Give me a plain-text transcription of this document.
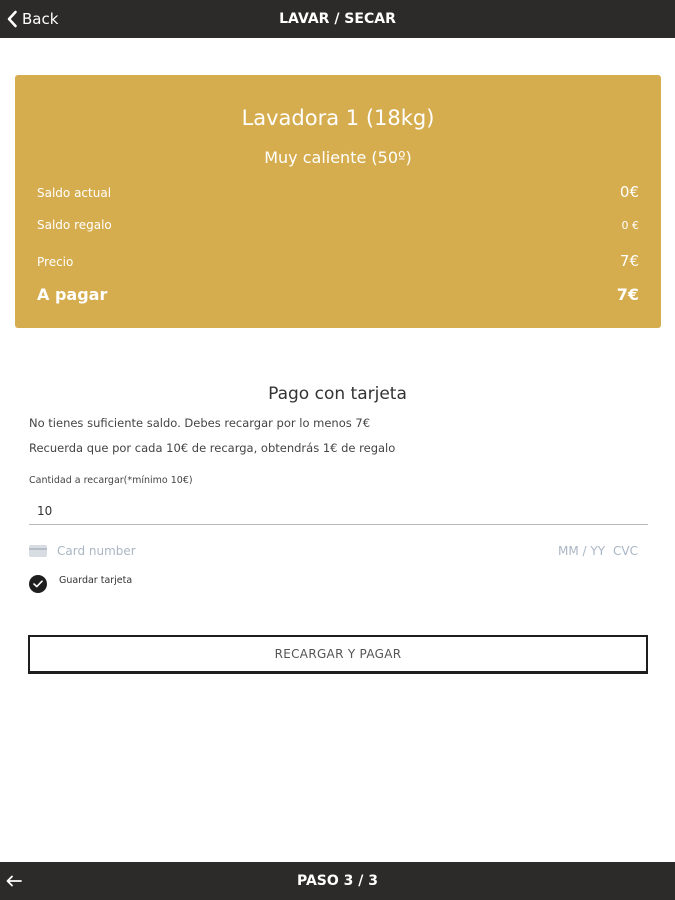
Back	LAVAR / SECAR
Lavadora 1 (18kg)
Muy caliente (50º)
Saldo actual	0€
Saldo regalo	0 €
Precio	7€
A pagar	7€
Pago con tarjeta
No tienes suficiente saldo. Debes recargar por lo menos 7€
Recuerda que por cada 10€ de recarga, obtendrás 1€ de regalo
Cantidad a recargar(*mínimo 10€)
10
Card number	MM / YY CVC
Guardar tarjeta
RECARGAR Y PAGAR
PASO 3 / 3
